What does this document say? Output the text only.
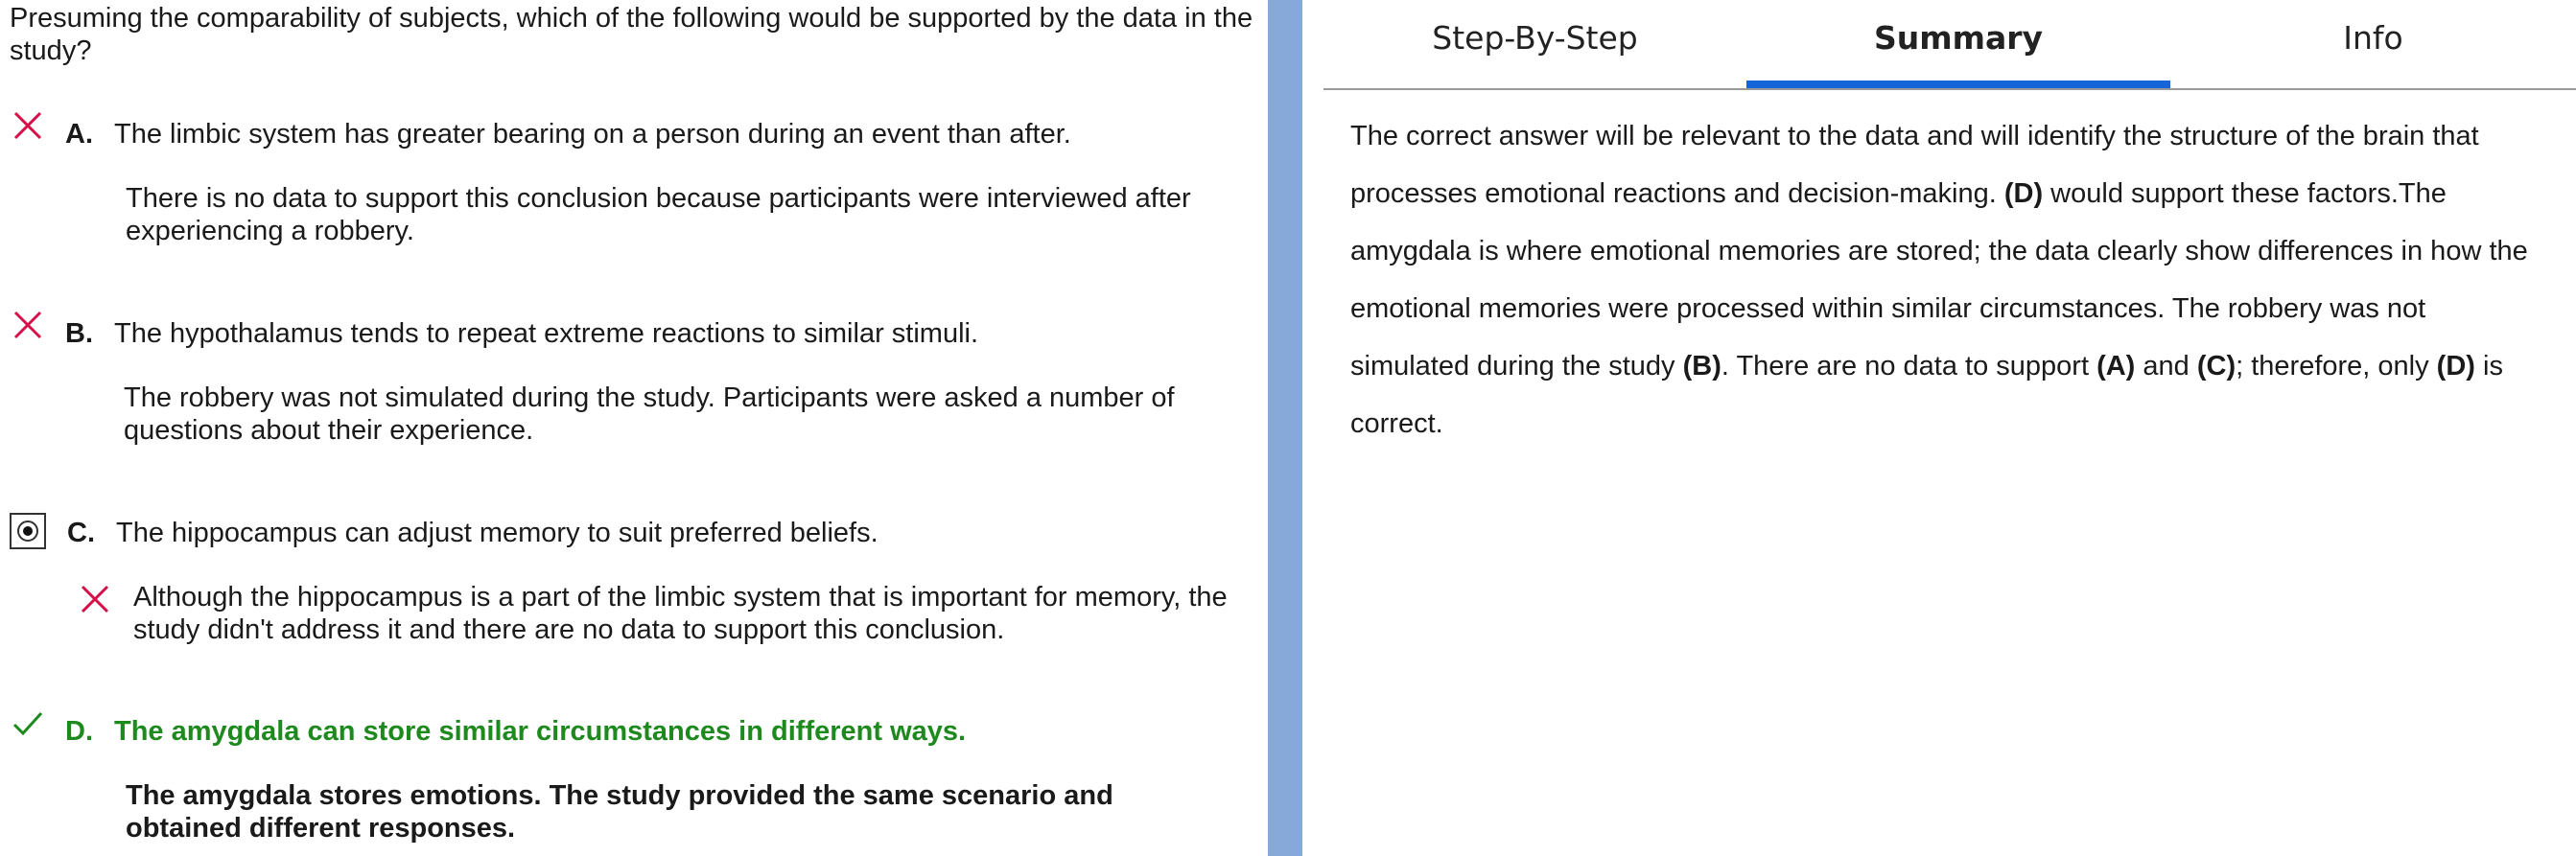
Presuming the comparability of subjects, which of the following would be supported by the data in the study?
A. The limbic system has greater bearing on a person during an event than after.
There is no data to support this conclusion because participants were interviewed after experiencing a robbery.
B. The hypothalamus tends to repeat extreme reactions to similar stimuli.
The robbery was not simulated during the study. Participants were asked a number of questions about their experience.
C. The hippocampus can adjust memory to suit preferred beliefs.
Although the hippocampus is a part of the limbic system that is important for memory, the study didn't address it and there are no data to support this conclusion.
D. The amygdala can store similar circumstances in different ways.
The amygdala stores emotions. The study provided the same scenario and obtained different responses.
Step-By-Step	Summary	Info
The correct answer will be relevant to the data and will identify the structure of the brain that processes emotional reactions and decision-making. (D) would support these factors.The amygdala is where emotional memories are stored; the data clearly show differences in how the emotional memories were processed within similar circumstances. The robbery was not simulated during the study (B). There are no data to support (A) and (C); therefore, only (D) is correct.
